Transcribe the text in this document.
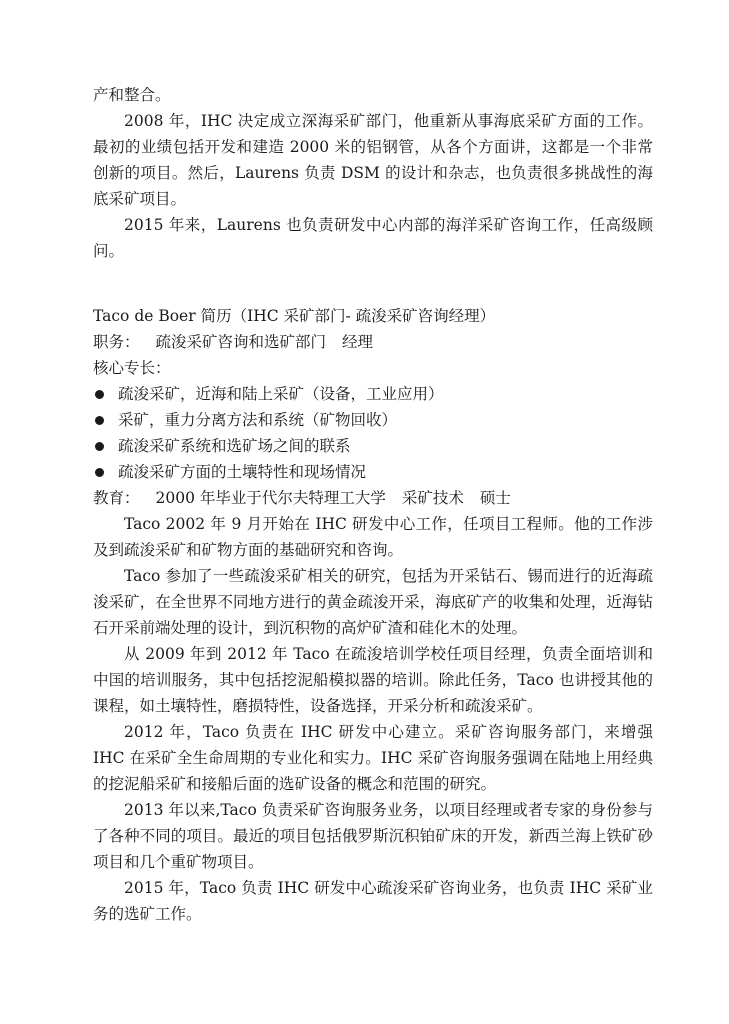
产和整合。

2008 年，IHC 决定成立深海采矿部门，他重新从事海底采矿方面的工作。最初的业绩包括开发和建造 2000 米的铝钢管，从各个方面讲，这都是一个非常创新的项目。然后，Laurens 负责 DSM 的设计和杂志，也负责很多挑战性的海底采矿项目。

2015 年来，Laurens 也负责研发中心内部的海洋采矿咨询工作，任高级顾问。

Taco de Boer 简历（IHC 采矿部门- 疏浚采矿咨询经理）
职务： 疏浚采矿咨询和选矿部门 经理
核心专长：
疏浚采矿，近海和陆上采矿（设备，工业应用）
采矿，重力分离方法和系统（矿物回收）
疏浚采矿系统和选矿场之间的联系
疏浚采矿方面的土壤特性和现场情况
教育： 2000 年毕业于代尔夫特理工大学 采矿技术 硕士

Taco 2002 年 9 月开始在 IHC 研发中心工作，任项目工程师。他的工作涉及到疏浚采矿和矿物方面的基础研究和咨询。

Taco 参加了一些疏浚采矿相关的研究，包括为开采钻石、锡而进行的近海疏浚采矿，在全世界不同地方进行的黄金疏浚开采，海底矿产的收集和处理，近海钻石开采前端处理的设计，到沉积物的高炉矿渣和硅化木的处理。

从 2009 年到 2012 年 Taco 在疏浚培训学校任项目经理，负责全面培训和中国的培训服务，其中包括挖泥船模拟器的培训。除此任务，Taco 也讲授其他的课程，如土壤特性，磨损特性，设备选择，开采分析和疏浚采矿。

2012 年，Taco 负责在 IHC 研发中心建立。采矿咨询服务部门，来增强 IHC 在采矿全生命周期的专业化和实力。IHC 采矿咨询服务强调在陆地上用经典的挖泥船采矿和接船后面的选矿设备的概念和范围的研究。

2013 年以来,Taco 负责采矿咨询服务业务，以项目经理或者专家的身份参与了各种不同的项目。最近的项目包括俄罗斯沉积铂矿床的开发，新西兰海上铁矿砂项目和几个重矿物项目。

2015 年，Taco 负责 IHC 研发中心疏浚采矿咨询业务，也负责 IHC 采矿业务的选矿工作。
